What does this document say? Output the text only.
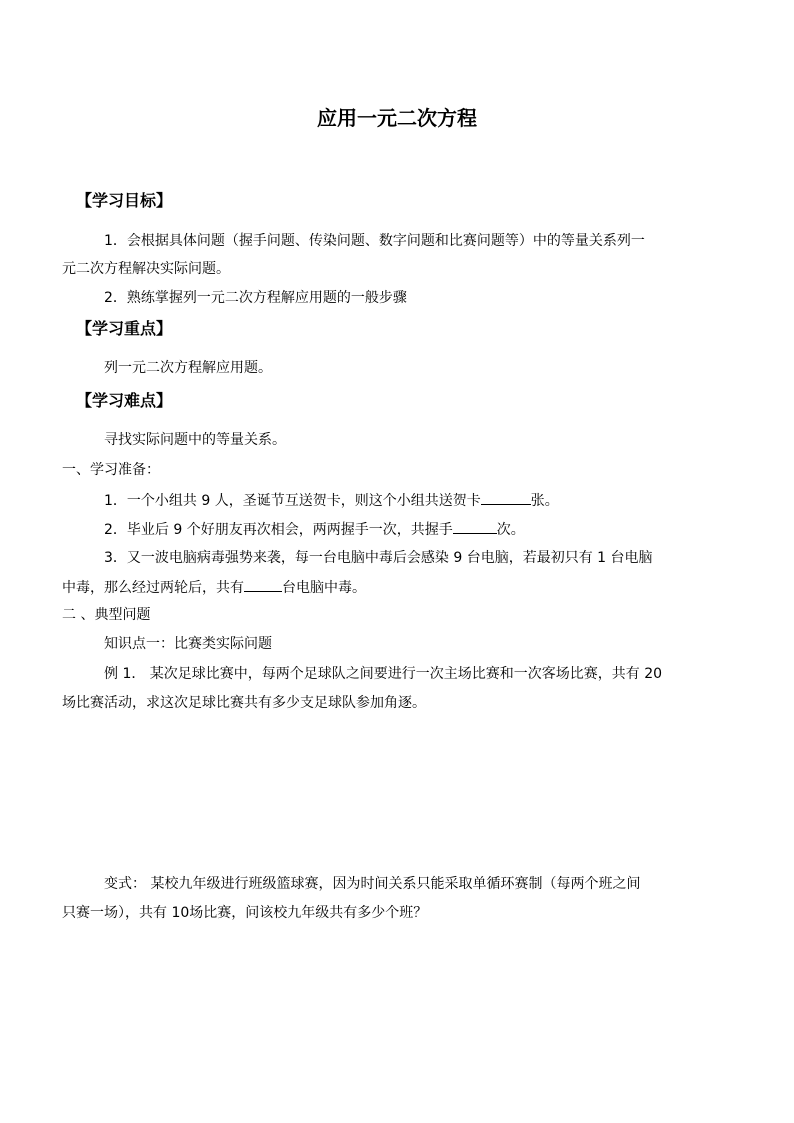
应用一元二次方程
【学习目标】
1．会根据具体问题（握手问题、传染问题、数字问题和比赛问题等）中的等量关系列一
元二次方程解决实际问题。
2．熟练掌握列一元二次方程解应用题的一般步骤
【学习重点】
列一元二次方程解应用题。
【学习难点】
寻找实际问题中的等量关系。
一、学习准备：
1．一个小组共 9 人，圣诞节互送贺卡，则这个小组共送贺卡	张。
2．毕业后 9 个好朋友再次相会，两两握手一次，共握手	次。
3．又一波电脑病毒强势来袭，每一台电脑中毒后会感染 9 台电脑，若最初只有 1 台电脑
中毒，那么经过两轮后，共有	台电脑中毒。
二 、典型问题
知识点一：比赛类实际问题
例 1． 某次足球比赛中，每两个足球队之间要进行一次主场比赛和一次客场比赛，共有 20
场比赛活动，求这次足球比赛共有多少支足球队参加角逐。
变式： 某校九年级进行班级篮球赛，因为时间关系只能采取单循环赛制（每两个班之间
只赛一场），共有 10场比赛，问该校九年级共有多少个班？
